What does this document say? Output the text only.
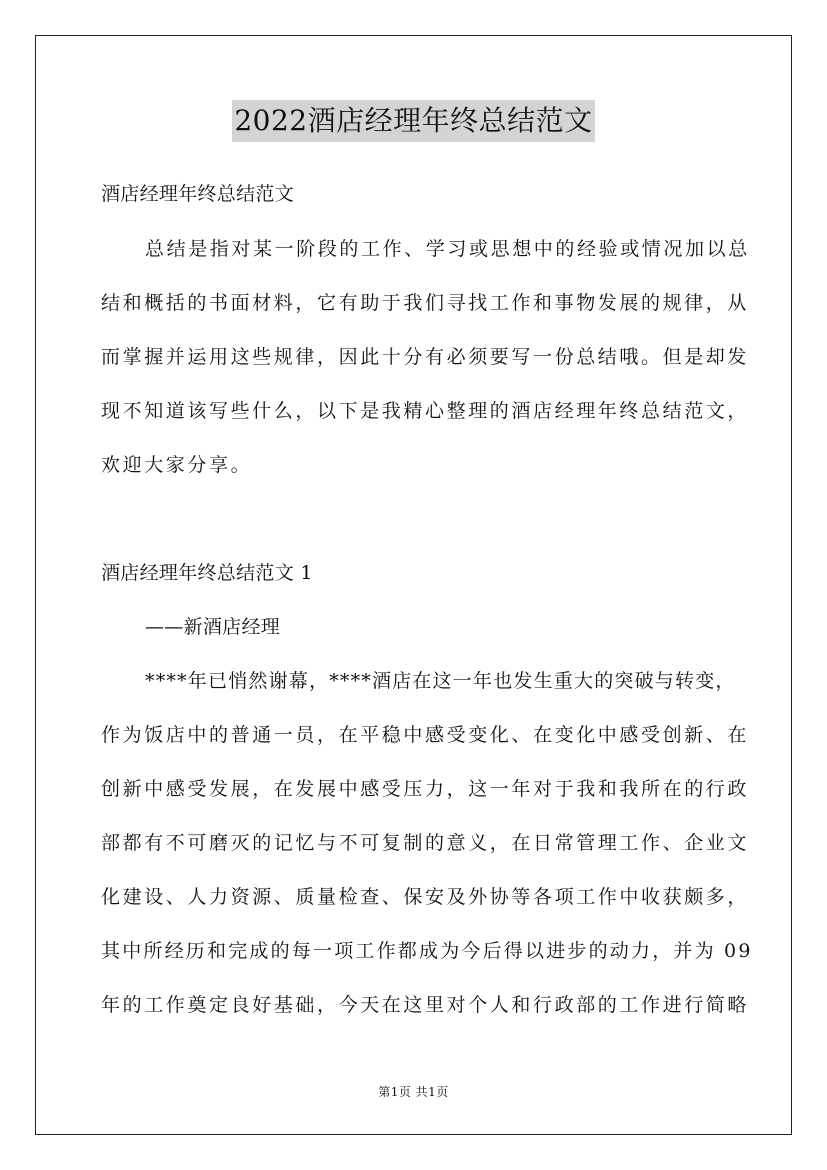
2022酒店经理年终总结范文
酒店经理年终总结范文
总结是指对某一阶段的工作、学习或思想中的经验或情况加以总
结和概括的书面材料，它有助于我们寻找工作和事物发展的规律，从
而掌握并运用这些规律，因此十分有必须要写一份总结哦。但是却发
现不知道该写些什么，以下是我精心整理的酒店经理年终总结范文，
欢迎大家分享。
酒店经理年终总结范文 1
——新酒店经理
****年已悄然谢幕，****酒店在这一年也发生重大的突破与转变，
作为饭店中的普通一员，在平稳中感受变化、在变化中感受创新、在
创新中感受发展，在发展中感受压力，这一年对于我和我所在的行政
部都有不可磨灭的记忆与不可复制的意义，在日常管理工作、企业文
化建设、人力资源、质量检查、保安及外协等各项工作中收获颇多，
其中所经历和完成的每一项工作都成为今后得以进步的动力，并为 09
年的工作奠定良好基础，今天在这里对个人和行政部的工作进行简略
第1页 共1页
